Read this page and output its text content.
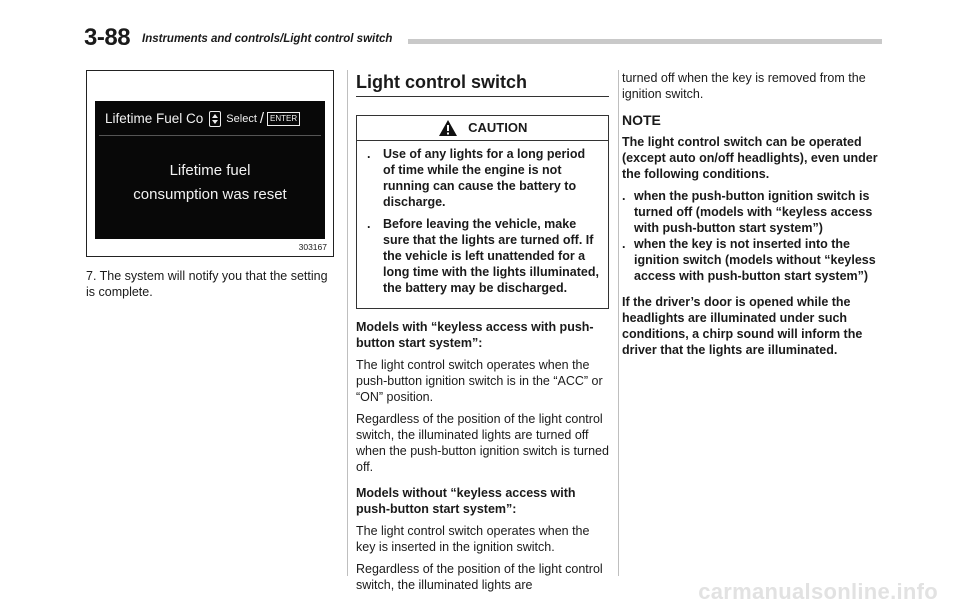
3-88 Instruments and controls/Light control switch
Lifetime Fuel Co Select / ENTER
Lifetime fuel
consumption was reset
303167
7. The system will notify you that the setting is complete.
Light control switch
CAUTION
.	Use of any lights for a long period of time while the engine is not running can cause the battery to discharge.
.	Before leaving the vehicle, make sure that the lights are turned off. If the vehicle is left unattended for a long time with the lights illuminated, the battery may be discharged.

Models with “keyless access with push-button start system”:

The light control switch operates when the push-button ignition switch is in the “ACC” or “ON” position.

Regardless of the position of the light control switch, the illuminated lights are turned off when the push-button ignition switch is turned off.

Models without “keyless access with push-button start system”:

The light control switch operates when the key is inserted in the ignition switch.

Regardless of the position of the light control switch, the illuminated lights are

turned off when the key is removed from the ignition switch.

NOTE

The light control switch can be operated (except auto on/off headlights), even under the following conditions.

. when the push-button ignition switch is turned off (models with “keyless access with push-button start system”)
. when the key is not inserted into the ignition switch (models without “keyless access with push-button start system”)

If the driver’s door is opened while the headlights are illuminated under such conditions, a chirp sound will inform the driver that the lights are illuminated.

carmanualsonline.info
